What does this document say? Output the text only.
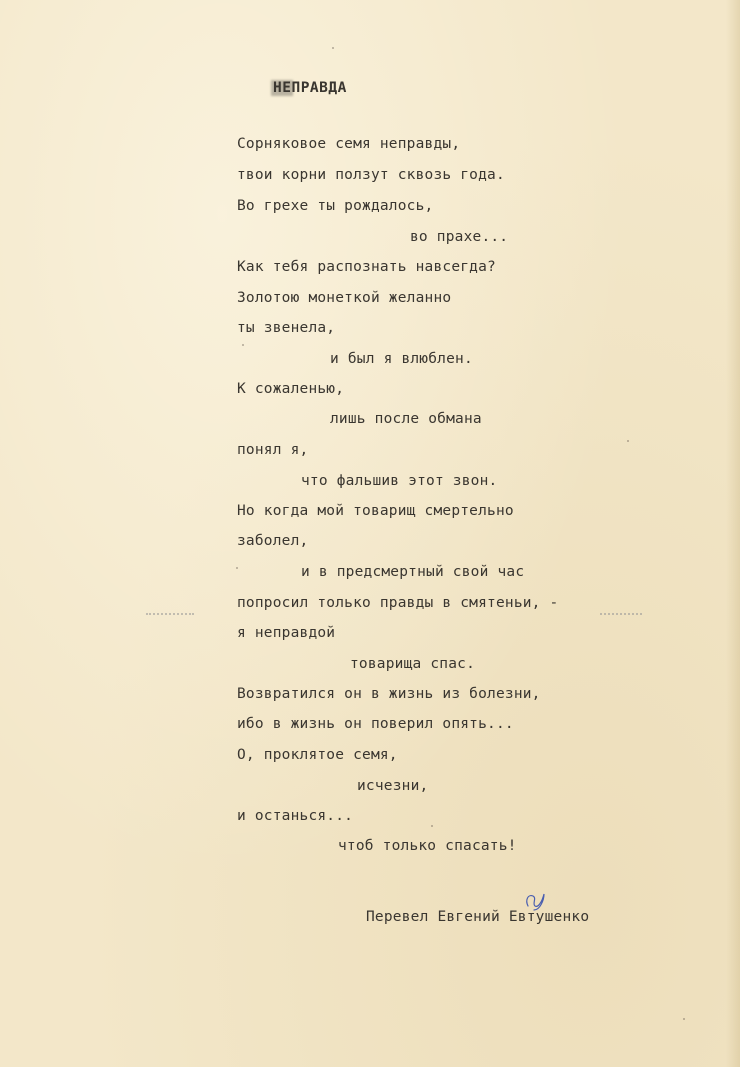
НЕПРАВДА
Сорняковое семя неправды,
твои корни ползут сквозь года.
Во грехе ты рождалось,
во прахе...
Как тебя распознать навсегда?
Золотою монеткой желанно
ты звенела,
и был я влюблен.
К сожаленью,
лишь после обмана
понял я,
что фальшив этот звон.
Но когда мой товарищ смертельно
заболел,
и в предсмертный свой час
попросил только правды в смятеньи, -
я неправдой
товарища спас.
Возвратился он в жизнь из болезни,
ибо в жизнь он поверил опять...
О, проклятое семя,
исчезни,
и останься...
чтоб только спасать!
Перевел Евгений Евтушенко
